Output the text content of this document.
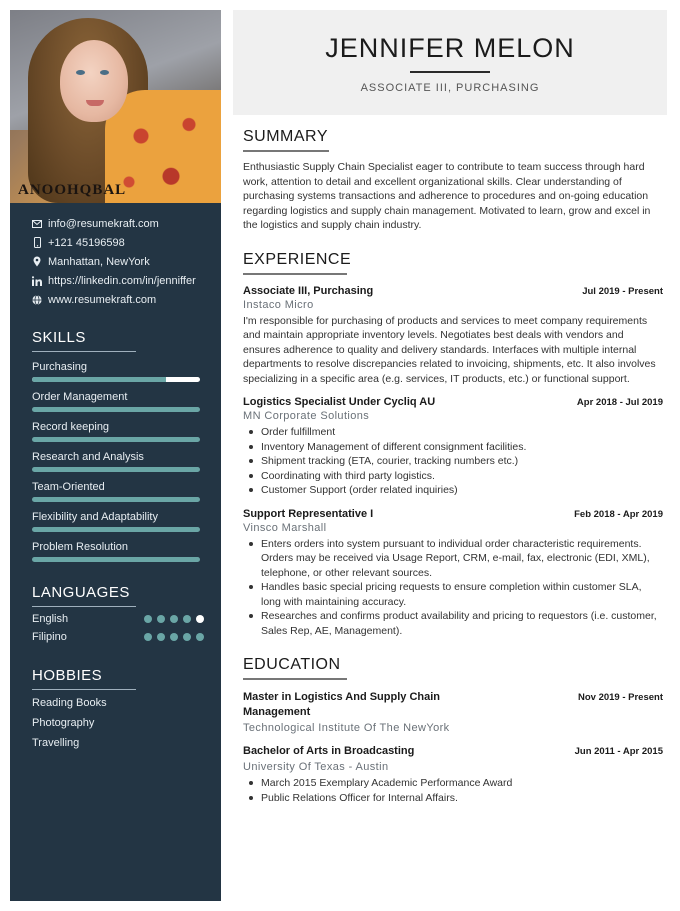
ANOOHQBAL
info@resumekraft.com
+121 45196598
Manhattan, NewYork
https://linkedin.com/in/jenniffer
www.resumekraft.com
SKILLS
Purchasing
Order Management
Record keeping
Research and Analysis
Team-Oriented
Flexibility and Adaptability
Problem Resolution
LANGUAGES
English
Filipino
HOBBIES
Reading Books
Photography
Travelling
JENNIFER MELON
ASSOCIATE III, PURCHASING
SUMMARY
Enthusiastic Supply Chain Specialist eager to contribute to team success through hard work, attention to detail and excellent organizational skills. Clear understanding of purchasing systems transactions and adherence to procedures and on-going education regarding logistics and supply chain management. Motivated to learn, grow and excel in the logistics and supply chain industry.
EXPERIENCE
Associate III, Purchasing	Jul 2019 - Present
Instaco Micro
I'm responsible for purchasing of products and services to meet company requirements and maintain appropriate inventory levels. Negotiates best deals with vendors and ensures adherence to quality and delivery standards. Interfaces with multiple internal departments to resolve discrepancies related to invoicing, shipments, etc. It also involves specializing in a specific area (e.g. services, IT products, etc.) or functional support.
Logistics Specialist Under Cycliq AU	Apr 2018 - Jul 2019
MN Corporate Solutions
Order fulfillment
Inventory Management of different consignment facilities.
Shipment tracking (ETA, courier, tracking numbers etc.)
Coordinating with third party logistics.
Customer Support (order related inquiries)
Support Representative I	Feb 2018 - Apr 2019
Vinsco Marshall
Enters orders into system pursuant to individual order characteristic requirements. Orders may be received via Usage Report, CRM, e-mail, fax, electronic (EDI, XML), telephone, or other relevant sources.
Handles basic special pricing requests to ensure completion within customer SLA, long with maintaining accuracy.
Researches and confirms product availability and pricing to requestors (i.e. customer, Sales Rep, AE, Management).
EDUCATION
Master in Logistics And Supply Chain Management
Nov 2019 - Present
Technological Institute Of The NewYork
Bachelor of Arts in Broadcasting	Jun 2011 - Apr 2015
University Of Texas - Austin
March 2015 Exemplary Academic Performance Award
Public Relations Officer for Internal Affairs.
